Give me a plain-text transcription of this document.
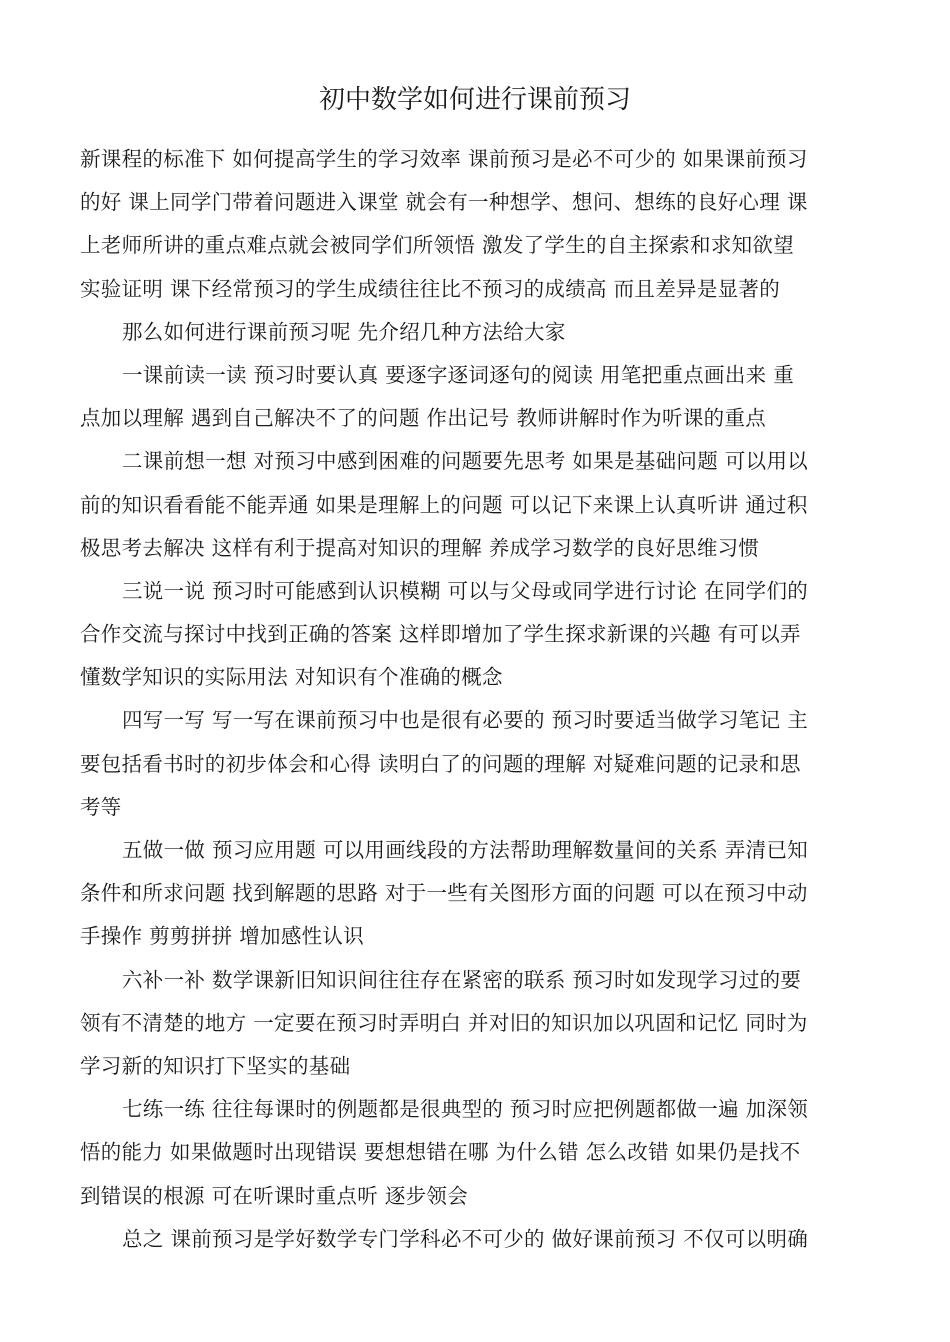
初中数学如何进行课前预习
新课程的标准下 如何提高学生的学习效率 课前预习是必不可少的 如果课前预习
的好 课上同学门带着问题进入课堂 就会有一种想学、想问、想练的良好心理 课
上老师所讲的重点难点就会被同学们所领悟 激发了学生的自主探索和求知欲望
实验证明 课下经常预习的学生成绩往往比不预习的成绩高 而且差异是显著的
那么如何进行课前预习呢 先介绍几种方法给大家
一课前读一读 预习时要认真 要逐字逐词逐句的阅读 用笔把重点画出来 重
点加以理解 遇到自己解决不了的问题 作出记号 教师讲解时作为听课的重点
二课前想一想 对预习中感到困难的问题要先思考 如果是基础问题 可以用以
前的知识看看能不能弄通 如果是理解上的问题 可以记下来课上认真听讲 通过积
极思考去解决 这样有利于提高对知识的理解 养成学习数学的良好思维习惯
三说一说 预习时可能感到认识模糊 可以与父母或同学进行讨论 在同学们的
合作交流与探讨中找到正确的答案 这样即增加了学生探求新课的兴趣 有可以弄
懂数学知识的实际用法 对知识有个准确的概念
四写一写 写一写在课前预习中也是很有必要的 预习时要适当做学习笔记 主
要包括看书时的初步体会和心得 读明白了的问题的理解 对疑难问题的记录和思
考等
五做一做 预习应用题 可以用画线段的方法帮助理解数量间的关系 弄清已知
条件和所求问题 找到解题的思路 对于一些有关图形方面的问题 可以在预习中动
手操作 剪剪拼拼 增加感性认识
六补一补 数学课新旧知识间往往存在紧密的联系 预习时如发现学习过的要
领有不清楚的地方 一定要在预习时弄明白 并对旧的知识加以巩固和记忆 同时为
学习新的知识打下坚实的基础
七练一练 往往每课时的例题都是很典型的 预习时应把例题都做一遍 加深领
悟的能力 如果做题时出现错误 要想想错在哪 为什么错 怎么改错 如果仍是找不
到错误的根源 可在听课时重点听 逐步领会
总之 课前预习是学好数学专门学科必不可少的 做好课前预习 不仅可以明确
